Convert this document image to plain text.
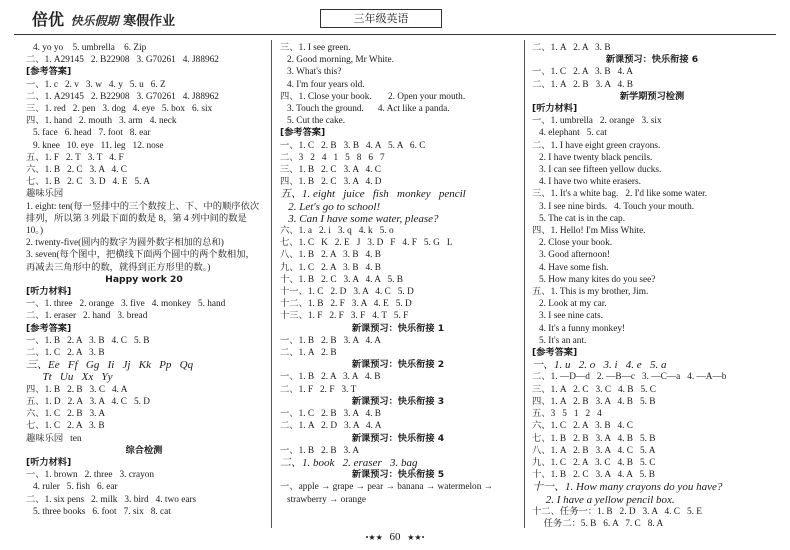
倍优 快乐假期 寒假作业	三年级英语
4. yo yo    5. umbrella    6. Zip
二、1. A29145   2. B22908   3. G70261   4. J88962
[参考答案]
一、1. c   2. v   3. w   4. y   5. u   6. Z
二、1. A29145   2. B22908   3. G70261   4. J88962
三、1. red   2. pen   3. dog   4. eye   5. box   6. six
四、1. hand   2. mouth   3. arm   4. neck
5. face   6. head   7. foot   8. ear
9. knee   10. eye   11. leg   12. nose
五、1. F   2. T   3. T   4. F
六、1. B   2. C   3. A   4. C
七、1. B   2. C   3. D   4. E   5. A
趣味乐园
1. eight: ten(每一竖排中的三个数按上、下、中的顺序依次排列，所以第 3 列最下面的数是 8，第 4 列中间的数是 10。)
2. twenty-five(圆内的数字为圆外数字相加的总和)
3. seven(每个图中，把横线下面两个圆中的两个数相加，再减去三角形中的数，就得到正方形里的数。)
Happy work 20
[听力材料]
一、1. three   2. orange   3. five   4. monkey   5. hand
二、1. eraser   2. hand   3. bread
[参考答案]
一、1. B   2. A   3. B   4. C   5. B
二、1. C   2. A   3. B
三、Ee   Ff   Gg   Ii   Jj   Kk   Pp   Qq
Tt   Uu   Xx   Yy
四、1. B   2. B   3. C   4. A
五、1. D   2. A   3. A   4. C   5. D
六、1. C   2. B   3. A
七、1. C   2. A   3. B
趣味乐园   ten
综合检测
[听力材料]
一、1. brown   2. three   3. crayon
4. ruler   5. fish   6. ear
二、1. six pens   2. milk   3. bird   4. two ears
5. three books   6. foot   7. six   8. cat
三、1. I see green.
2. Good morning, Mr White.
3. What's this?
4. I'm four years old.
四、1. Close your book.       2. Open your mouth.
3. Touch the ground.      4. Act like a panda.
5. Cut the cake.
[参考答案]
一、1. C   2. B   3. B   4. A   5. A   6. C
二、3   2   4   1   5   8   6   7
三、1. B   2. C   3. A   4. C
四、1. B   2. C   3. A   4. D
五、1. eight   juice   fish   monkey   pencil
2. Let's go to school!
3. Can I have some water, please?
六、1. a   2. i   3. q   4. k   5. o
七、1. C   K   2. E   J   3. D   F   4. F   5. G   L
八、1. B   2. A   3. B   4. B
九、1. C   2. A   3. B   4. B
十、1. B   2. C   3. A   4. A   5. B
十一、1. C   2. D   3. A   4. C   5. D
十二、1. B   2. F   3. A   4. E   5. D
十三、1. F   2. F   3. F   4. T   5. F
新课预习：快乐衔接 1
一、1. B   2. B   3. A   4. A
二、1. A   2. B
新课预习：快乐衔接 2
一、1. B   2. A   3. A   4. B
二、1. F   2. F   3. T
新课预习：快乐衔接 3
一、1. C   2. B   3. A   4. B
二、1. A   2. D   3. A   4. A
新课预习：快乐衔接 4
一、1. B   2. B   3. A
二、1. book   2. eraser   3. bag
新课预习：快乐衔接 5
一、apple → grape → pear → banana → watermelon →
strawberry → orange
二、1. A   2. A   3. B
新课预习：快乐衔接 6
一、1. C   2. A   3. B   4. A
二、1. A   2. B   3. A   4. B
新学期预习检测
[听力材料]
一、1. umbrella   2. orange   3. six
4. elephant   5. cat
二、1. I have eight green crayons.
2. I have twenty black pencils.
3. I can see fifteen yellow ducks.
4. I have two white erasers.
三、1. It's a white bag.   2. I'd like some water.
3. I see nine birds.   4. Touch your mouth.
5. The cat is in the cap.
四、1. Hello! I'm Miss White.
2. Close your book.
3. Good afternoon!
4. Have some fish.
5. How many kites do you see?
五、1. This is my brother, Jim.
2. Look at my car.
3. I see nine cats.
4. It's a funny monkey!
5. It's an ant.
[参考答案]
一、1. u   2. o   3. i   4. e   5. a
二、1. —D—d   2. —B—c   3. —C—a   4. —A—b
三、1. A   2. C   3. C   4. B   5. C
四、1. A   2. B   3. A   4. B   5. B
五、3   5   1   2   4
六、1. C   2. A   3. B   4. C
七、1. B   2. B   3. A   4. B   5. B
八、1. A   2. B   3. A   4. C   5. A
九、1. C   2. A   3. C   4. B   5. C
十、1. B   2. C   3. A   4. A   5. B
十一、1. How many crayons do you have?
2. I have a yellow pencil box.
十二、任务一：1. B   2. D   3. A   4. C   5. E
任务二：5. B   6. A   7. C   8. A
•★★ 60 ★★•
